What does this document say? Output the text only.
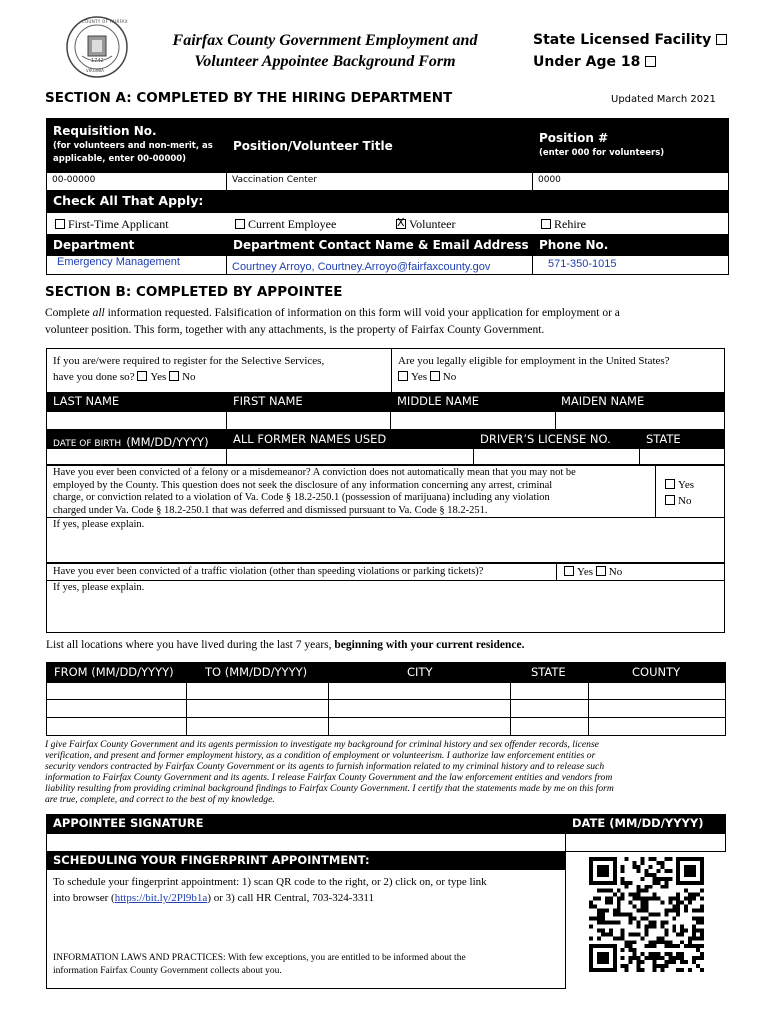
COUNTY OF FAIRFAX
1742
VIRGINIA
Fairfax County Government Employment and
Volunteer Appointee Background Form
State Licensed Facility
Under Age 18
SECTION A: COMPLETED BY THE HIRING DEPARTMENT	Updated March 2021
Requisition No.
(for volunteers and non-merit, as applicable, enter 00-00000)
Position/Volunteer Title
Position #
(enter 000 for volunteers)
00-00000	Vaccination Center	0000
Check All That Apply:
First-Time Applicant	Current Employee
X	Volunteer	Rehire
Department	Department Contact Name & Email Address Phone No.
Emergency Management	Courtney Arroyo, Courtney.Arroyo@fairfaxcounty.gov	571-350-1015
SECTION B: COMPLETED BY APPOINTEE
Complete all information requested. Falsification of information on this form will void your application for employment or a
volunteer position. This form, together with any attachments, is the property of Fairfax County Government.
If you are/were required to register for the Selective Services,
have you done so? Yes No
Are you legally eligible for employment in the United States?
Yes No
LAST NAME	FIRST NAME	MIDDLE NAME	MAIDEN NAME
DATE OF BIRTH (MM/DD/YYYY) ALL FORMER NAMES USED	DRIVER’S LICENSE NO.	STATE
Have you ever been convicted of a felony or a misdemeanor? A conviction does not automatically mean that you may not be
employed by the County. This question does not seek the disclosure of any information concerning any arrest, criminal
charge, or conviction related to a violation of Va. Code § 18.2-250.1 (possession of marijuana) including any violation
charged under Va. Code § 18.2-250.1 that was deferred and dismissed pursuant to Va. Code § 18.2-251.
Yes
No
If yes, please explain.
Have you ever been convicted of a traffic violation (other than speeding violations or parking tickets)?	Yes No
If yes, please explain.
List all locations where you have lived during the last 7 years, beginning with your current residence.
FROM (MM/DD/YYYY)	TO (MM/DD/YYYY)	CITY	STATE	COUNTY
I give Fairfax County Government and its agents permission to investigate my background for criminal history and sex offender records, license
verification, and present and former employment history, as a condition of employment or volunteerism. I authorize law enforcement entities or
security vendors contracted by Fairfax County Government or its agents to furnish information related to my criminal history and to release such
information to Fairfax County Government and its agents. I release Fairfax County Government and the law enforcement entities and vendors from
liability resulting from providing criminal background findings to Fairfax County Government. I certify that the statements made by me on this form
are true, complete, and correct to the best of my knowledge.
APPOINTEE SIGNATURE	DATE (MM/DD/YYYY)
SCHEDULING YOUR FINGERPRINT APPOINTMENT:
To schedule your fingerprint appointment: 1) scan QR code to the right, or 2) click on, or type link
into browser (https://bit.ly/2Pl9b1a) or 3) call HR Central, 703-324-3311
INFORMATION LAWS AND PRACTICES: With few exceptions, you are entitled to be informed about the
information Fairfax County Government collects about you.
